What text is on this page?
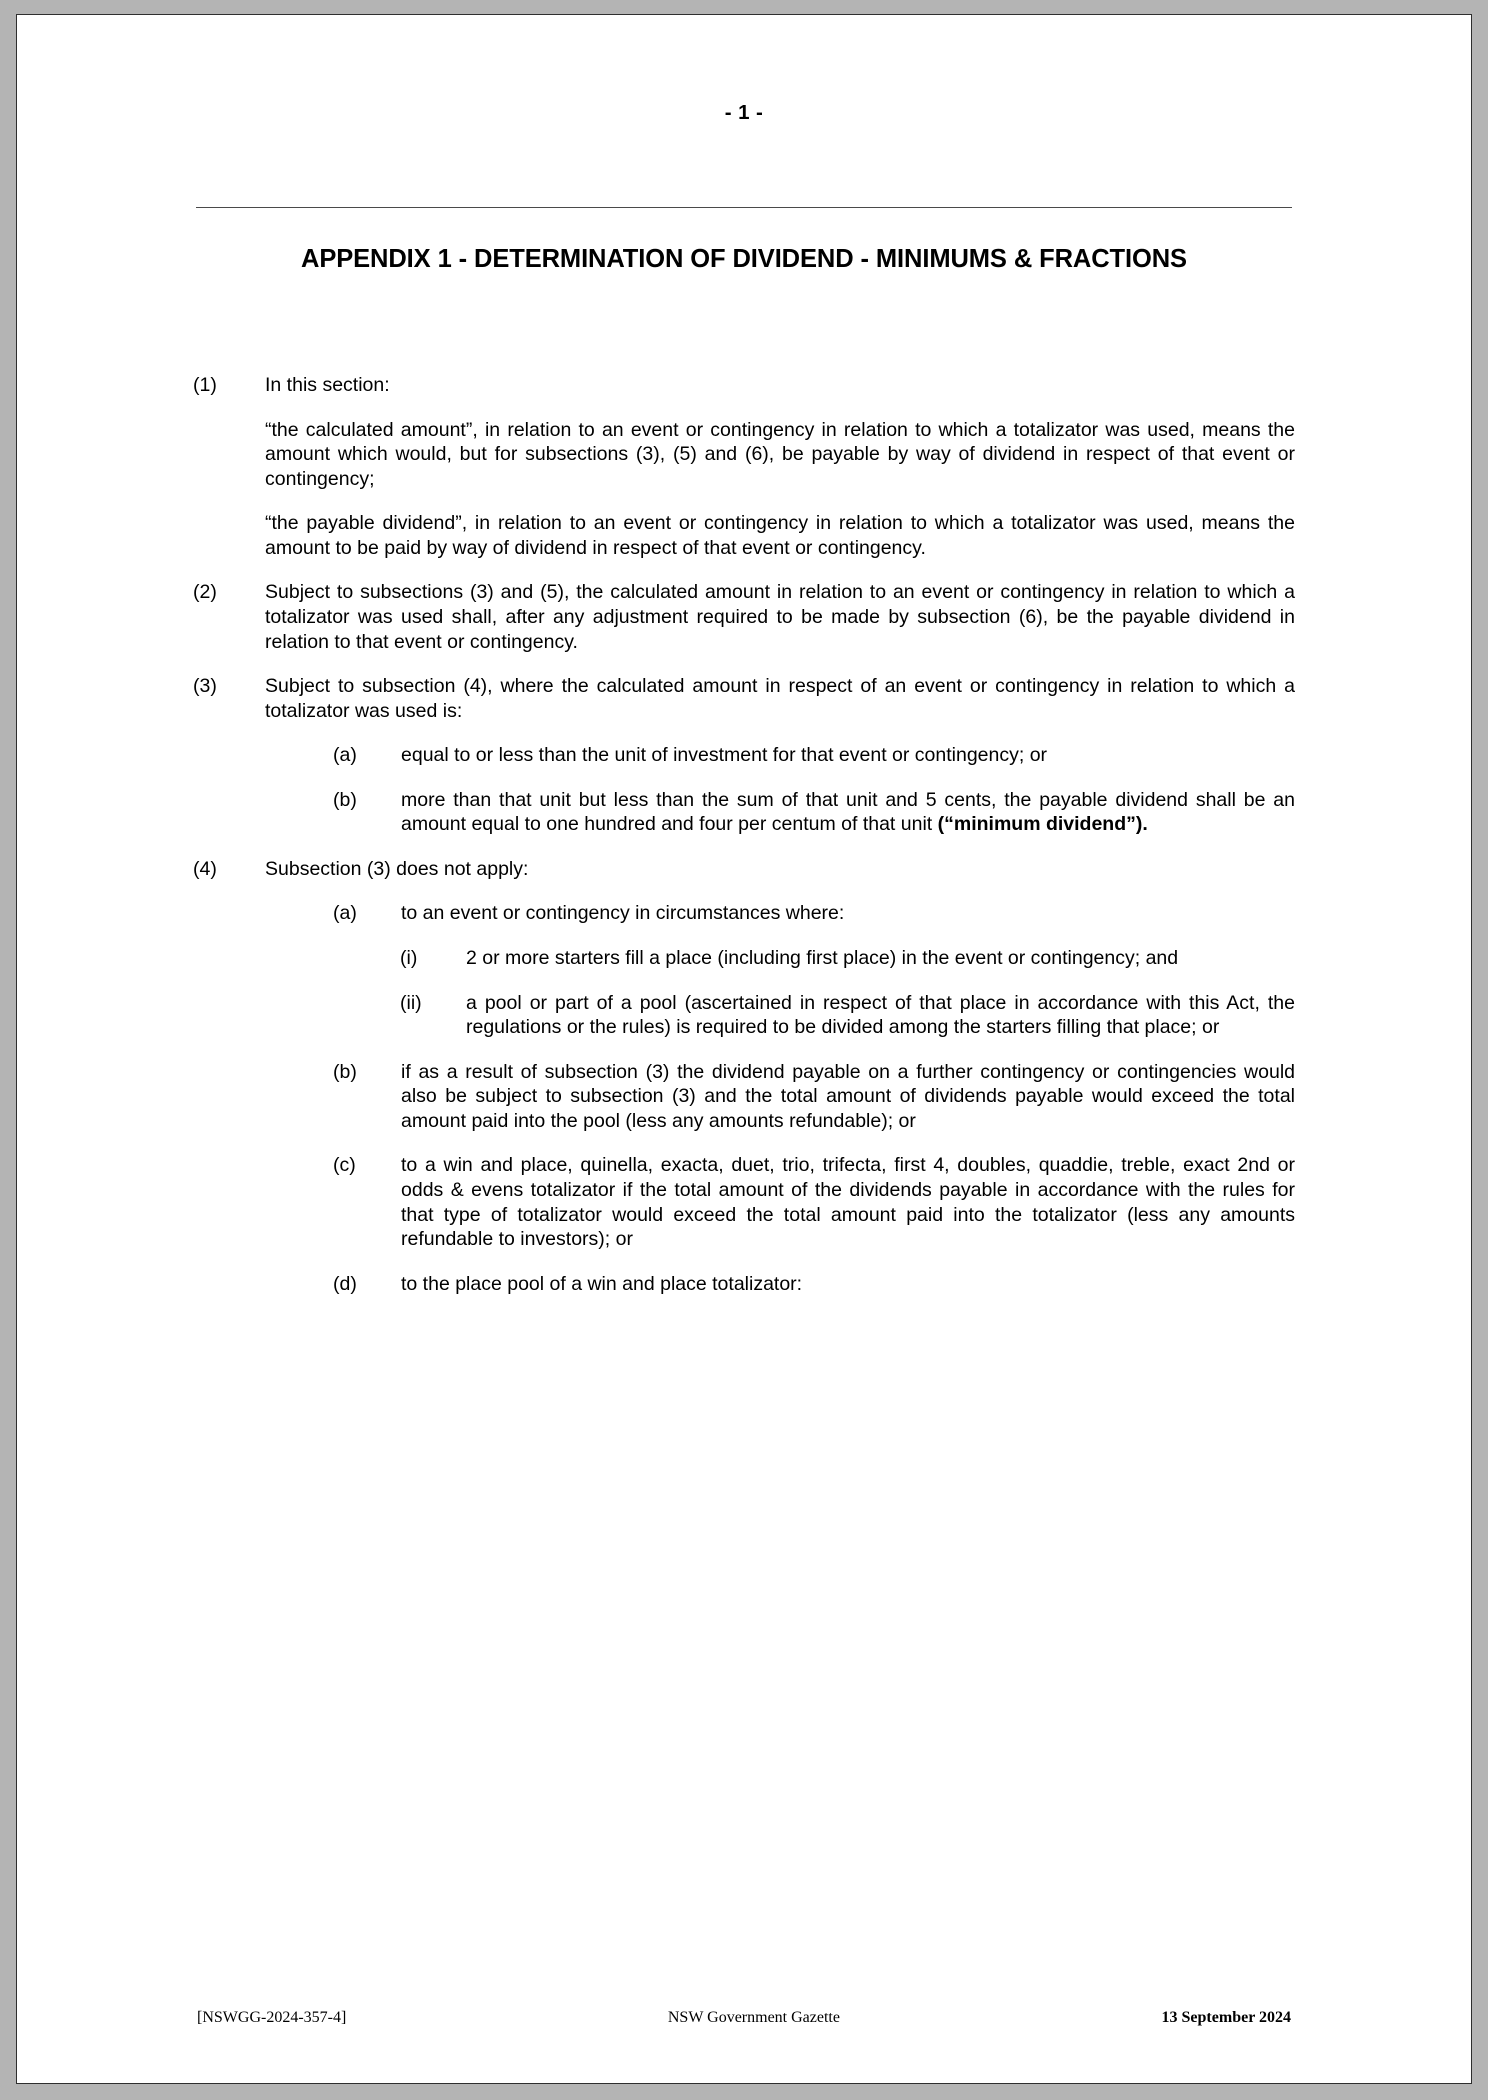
- 1 -
APPENDIX 1 - DETERMINATION OF DIVIDEND - MINIMUMS & FRACTIONS
(1)	In this section:
“the calculated amount”, in relation to an event or contingency in relation to which a totalizator was used, means the amount which would, but for subsections (3), (5) and (6), be payable by way of dividend in respect of that event or contingency;
“the payable dividend”, in relation to an event or contingency in relation to which a totalizator was used, means the amount to be paid by way of dividend in respect of that event or contingency.
(2)	Subject to subsections (3) and (5), the calculated amount in relation to an event or contingency in relation to which a totalizator was used shall, after any adjustment required to be made by subsection (6), be the payable dividend in relation to that event or contingency.
(3)	Subject to subsection (4), where the calculated amount in respect of an event or contingency in relation to which a totalizator was used is:
(a)	equal to or less than the unit of investment for that event or contingency; or
(b)	more than that unit but less than the sum of that unit and 5 cents, the payable dividend shall be an amount equal to one hundred and four per centum of that unit (“minimum dividend”).
(4)	Subsection (3) does not apply:
(a)	to an event or contingency in circumstances where:
(i)	2 or more starters fill a place (including first place) in the event or contingency; and
(ii)	a pool or part of a pool (ascertained in respect of that place in accordance with this Act, the regulations or the rules) is required to be divided among the starters filling that place; or
(b)	if as a result of subsection (3) the dividend payable on a further contingency or contingencies would also be subject to subsection (3) and the total amount of dividends payable would exceed the total amount paid into the pool (less any amounts refundable); or
(c)	to a win and place, quinella, exacta, duet, trio, trifecta, first 4, doubles, quaddie, treble, exact 2nd or odds & evens totalizator if the total amount of the dividends payable in accordance with the rules for that type of totalizator would exceed the total amount paid into the totalizator (less any amounts refundable to investors); or
(d)	to the place pool of a win and place totalizator:
[NSWGG-2024-357-4]	NSW Government Gazette	13 September 2024
